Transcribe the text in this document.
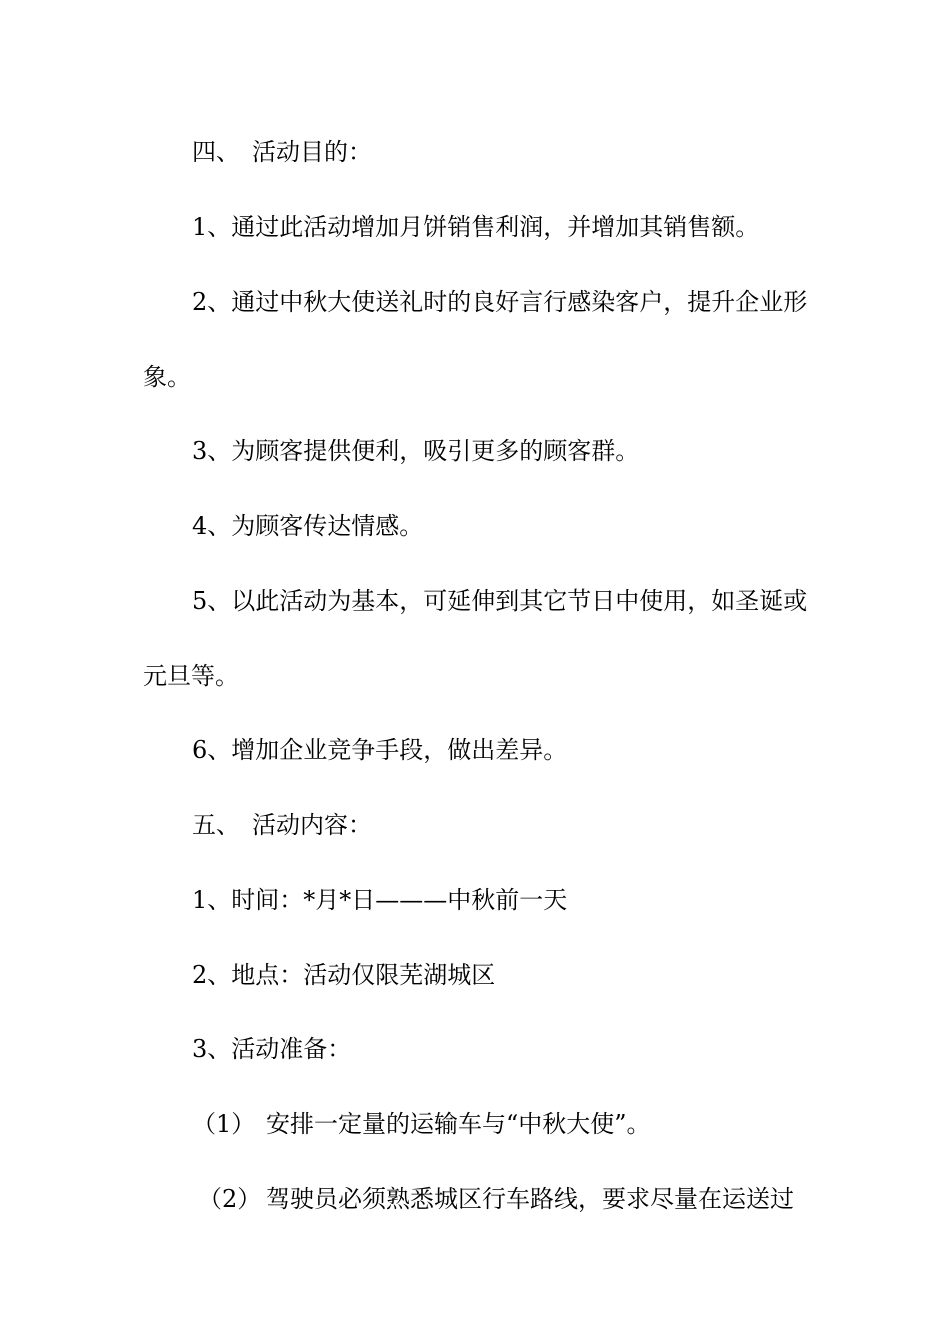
四、 活动目的：
1、通过此活动增加月饼销售利润，并增加其销售额。
2、通过中秋大使送礼时的良好言行感染客户，提升企业形
象。
3、为顾客提供便利，吸引更多的顾客群。
4、为顾客传达情感。
5、以此活动为基本，可延伸到其它节日中使用，如圣诞或
元旦等。
6、增加企业竞争手段，做出差异。
五、 活动内容：
1、时间：*月*日———中秋前一天
2、地点：活动仅限芜湖城区
3、活动准备：
（1） 安排一定量的运输车与“中秋大使”。
（2） 驾驶员必须熟悉城区行车路线，要求尽量在运送过
